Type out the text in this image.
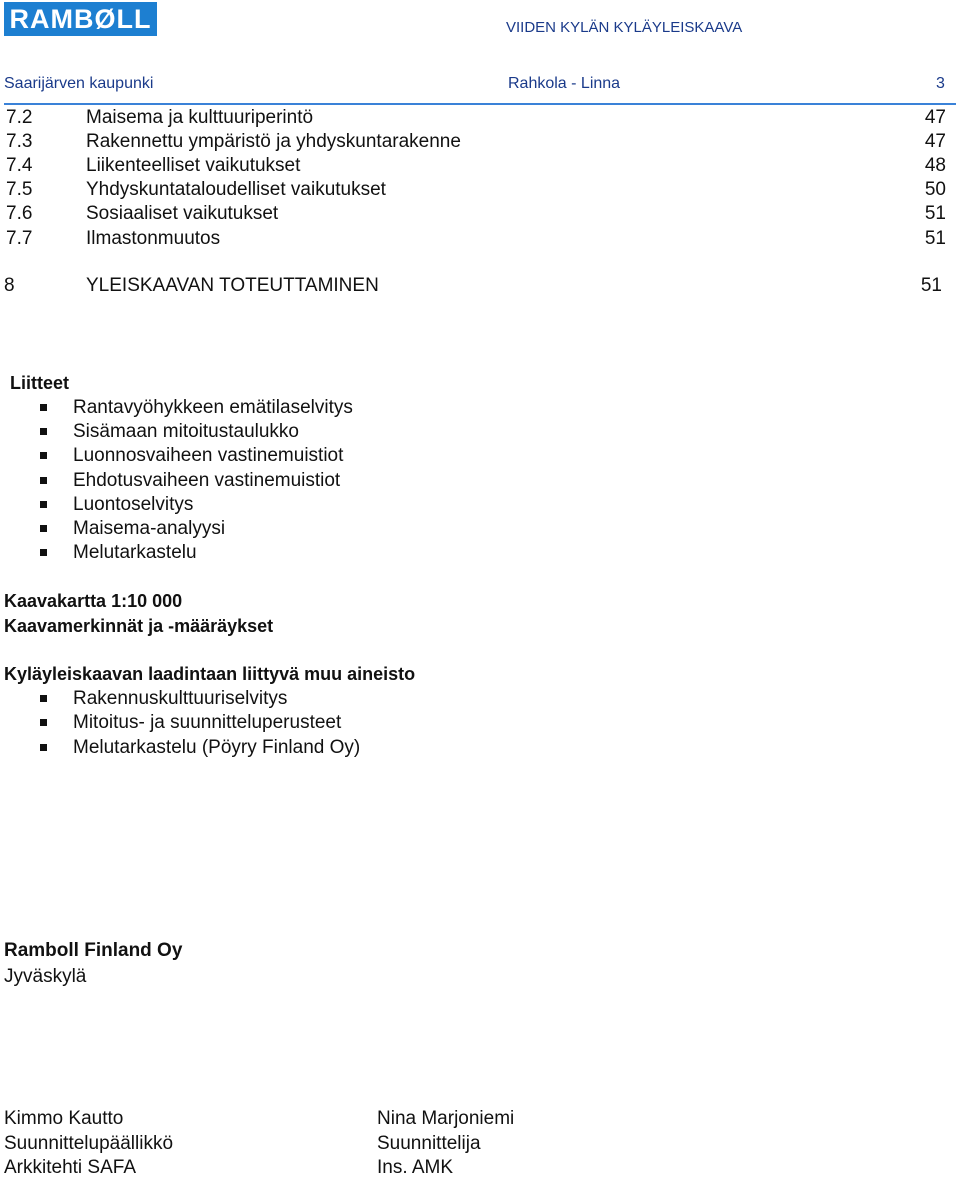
RAMBØLL	VIIDEN KYLÄN KYLÄYLEISKAAVA
Saarijärven kaupunki	Rahkola - Linna	3
7.2	Maisema ja kulttuuriperintö	47
7.3	Rakennettu ympäristö ja yhdyskuntarakenne	47
7.4	Liikenteelliset vaikutukset	48
7.5	Yhdyskuntataloudelliset vaikutukset	50
7.6	Sosiaaliset vaikutukset	51
7.7	Ilmastonmuutos	51
8	YLEISKAAVAN TOTEUTTAMINEN	51
Liitteet
Rantavyöhykkeen emätilaselvitys
Sisämaan mitoitustaulukko
Luonnosvaiheen vastinemuistiot
Ehdotusvaiheen vastinemuistiot
Luontoselvitys
Maisema-analyysi
Melutarkastelu
Kaavakartta 1:10 000
Kaavamerkinnät ja -määräykset
Kyläyleiskaavan laadintaan liittyvä muu aineisto
Rakennuskulttuuriselvitys
Mitoitus- ja suunnitteluperusteet
Melutarkastelu (Pöyry Finland Oy)
Ramboll Finland Oy
Jyväskylä
Kimmo Kautto
Suunnittelupäällikkö
Arkkitehti SAFA
Nina Marjoniemi
Suunnittelija
Ins. AMK
